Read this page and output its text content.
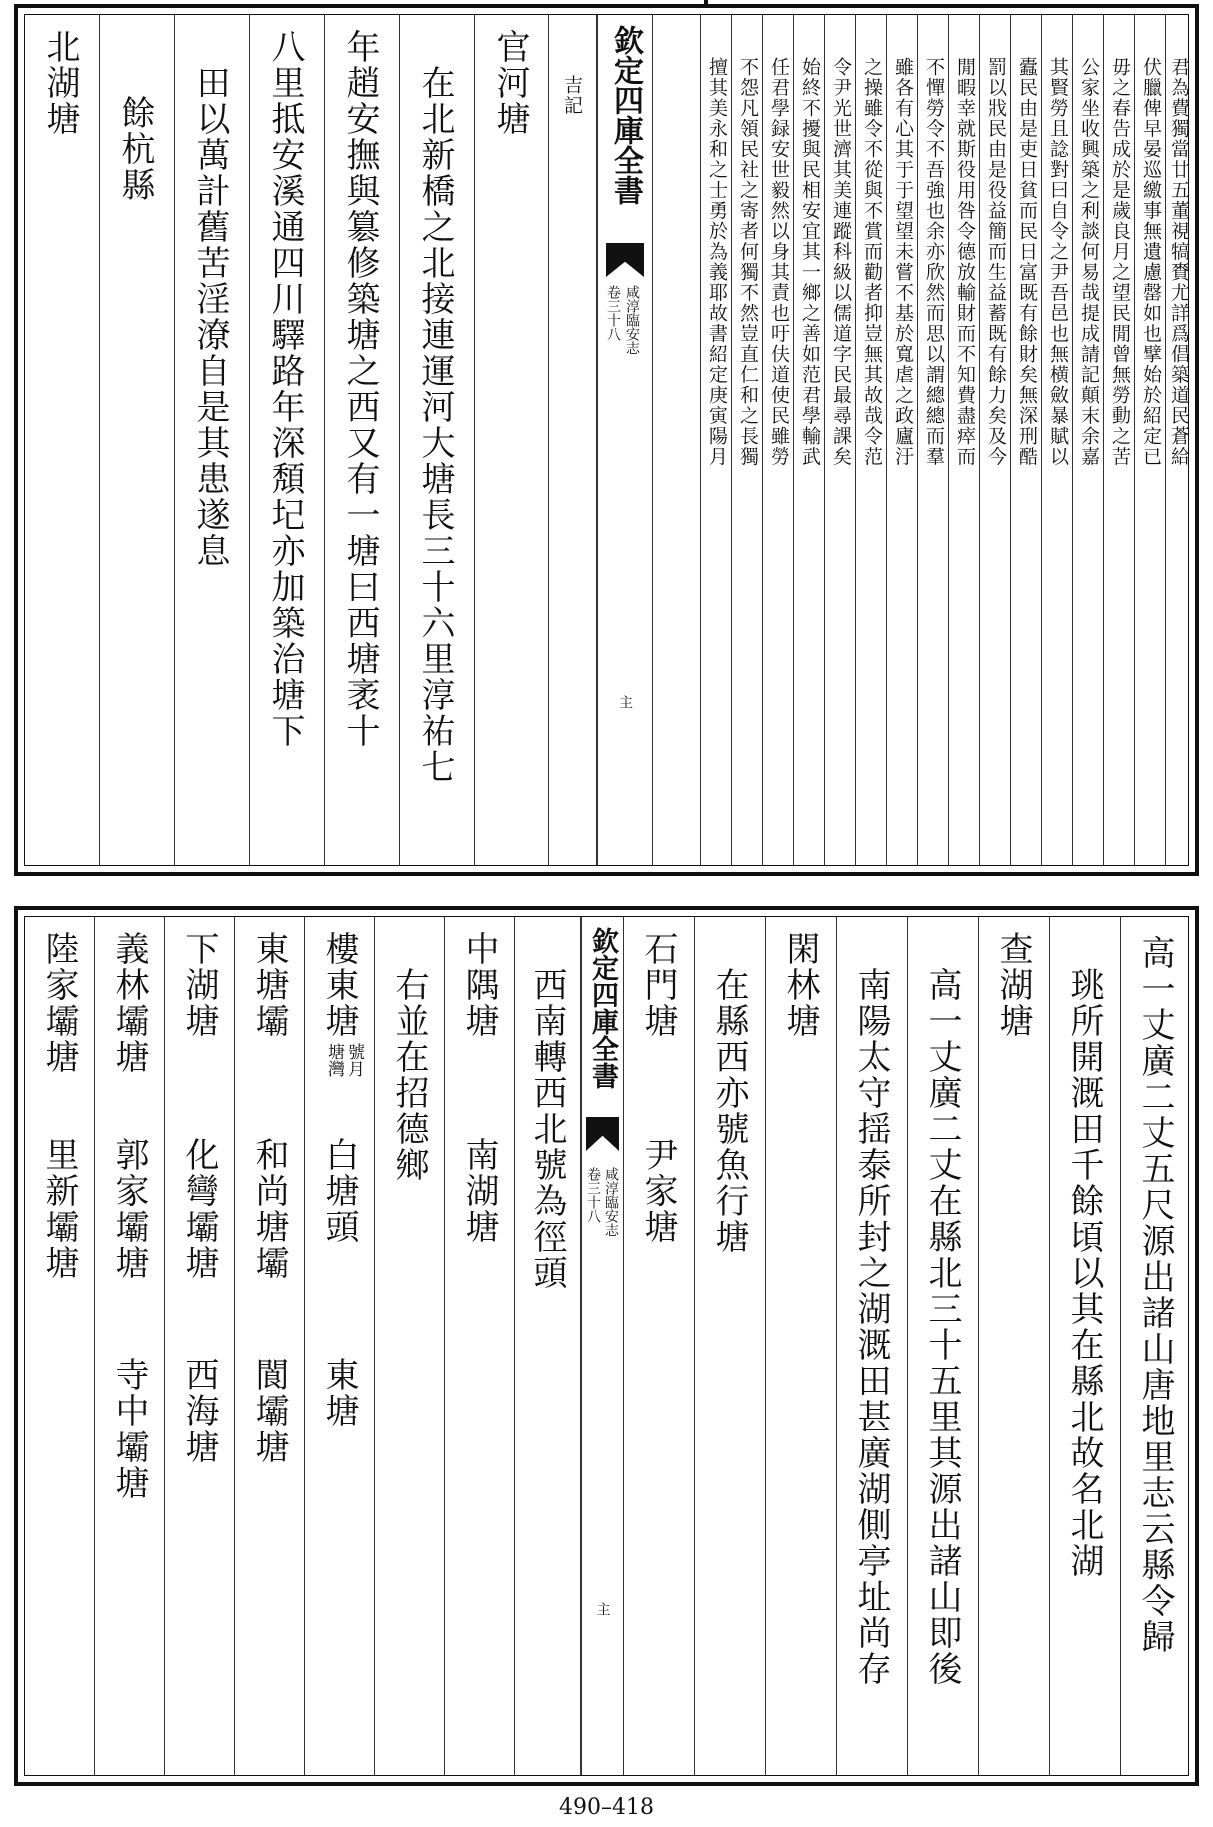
君為費獨當廿五董視犒賚尤詳爲倡築道民蒼給
伏臘俾早晏巡繳事無遺慮罄如也擘始於紹定已
毋之春告成於是歲良月之望民閒曾無勞動之苦
公家坐收興築之利談何易哉提成請記顛末余嘉
其賢勞且諗對曰自令之尹吾邑也無横斂暴賦以
蠹民由是吏日貧而民日富既有餘財矣無深刑酷
罰以戕民由是役益簡而生益蓄既有餘力矣及今
閒暇幸就斯役用咎令德放輸財而不知費盡瘁而
不憚勞令不吾強也余亦欣然而思以謂總總而羣
雖各有心其于于望望未嘗不基於寬虐之政廬汙
之操雖令不從與不賞而勸者抑豈無其故哉令范
令尹光世濟其美連蹤科級以儒道字民最尋課矣
始終不擾與民相安宜其一鄉之善如范君學輸武
任君學録安世毅然以身其責也吁伕道使民雖勞
不怨凡領民社之寄者何獨不然豈直仁和之長獨
擅其美永和之士勇於為義耶故書紹定庚寅陽月
欽定四庫全書
咸淳臨安志
卷三十八
主
吉記
北湖塘
餘杭縣 田以萬計舊苦淫潦自是其患遂息 八里抵安溪通四川驛路年深頽圮亦加築治塘下 年趙安撫與簒修築塘之西又有一塘曰西塘袤十 在北新橋之北接連運河大塘長三十六里淳祐七 官河塘
高一丈廣二丈五尺源出諸山唐地里志云縣令歸
珧所開溉田千餘頃以其在縣北故名北湖
查湖塘
高一丈廣二丈在縣北三十五里其源出諸山即後
南陽太守揺泰所封之湖溉田甚廣湖側亭址尚存
閑林塘
在縣西亦號魚行塘
石門塘
尹家塘
欽定四庫全書
咸淳臨安志
卷三十八
主
西南轉西北號為徑頭
中隅塘
南湖塘
右並在招德鄉
樓東塘
塘灣 號月
白塘頭
東塘
東塘壩
和尚塘壩
閬壩塘
下湖塘
化彎壩塘
西海塘
義林壩塘
郭家壩塘
寺中壩塘
陸家壩塘
里新壩塘
490–418
